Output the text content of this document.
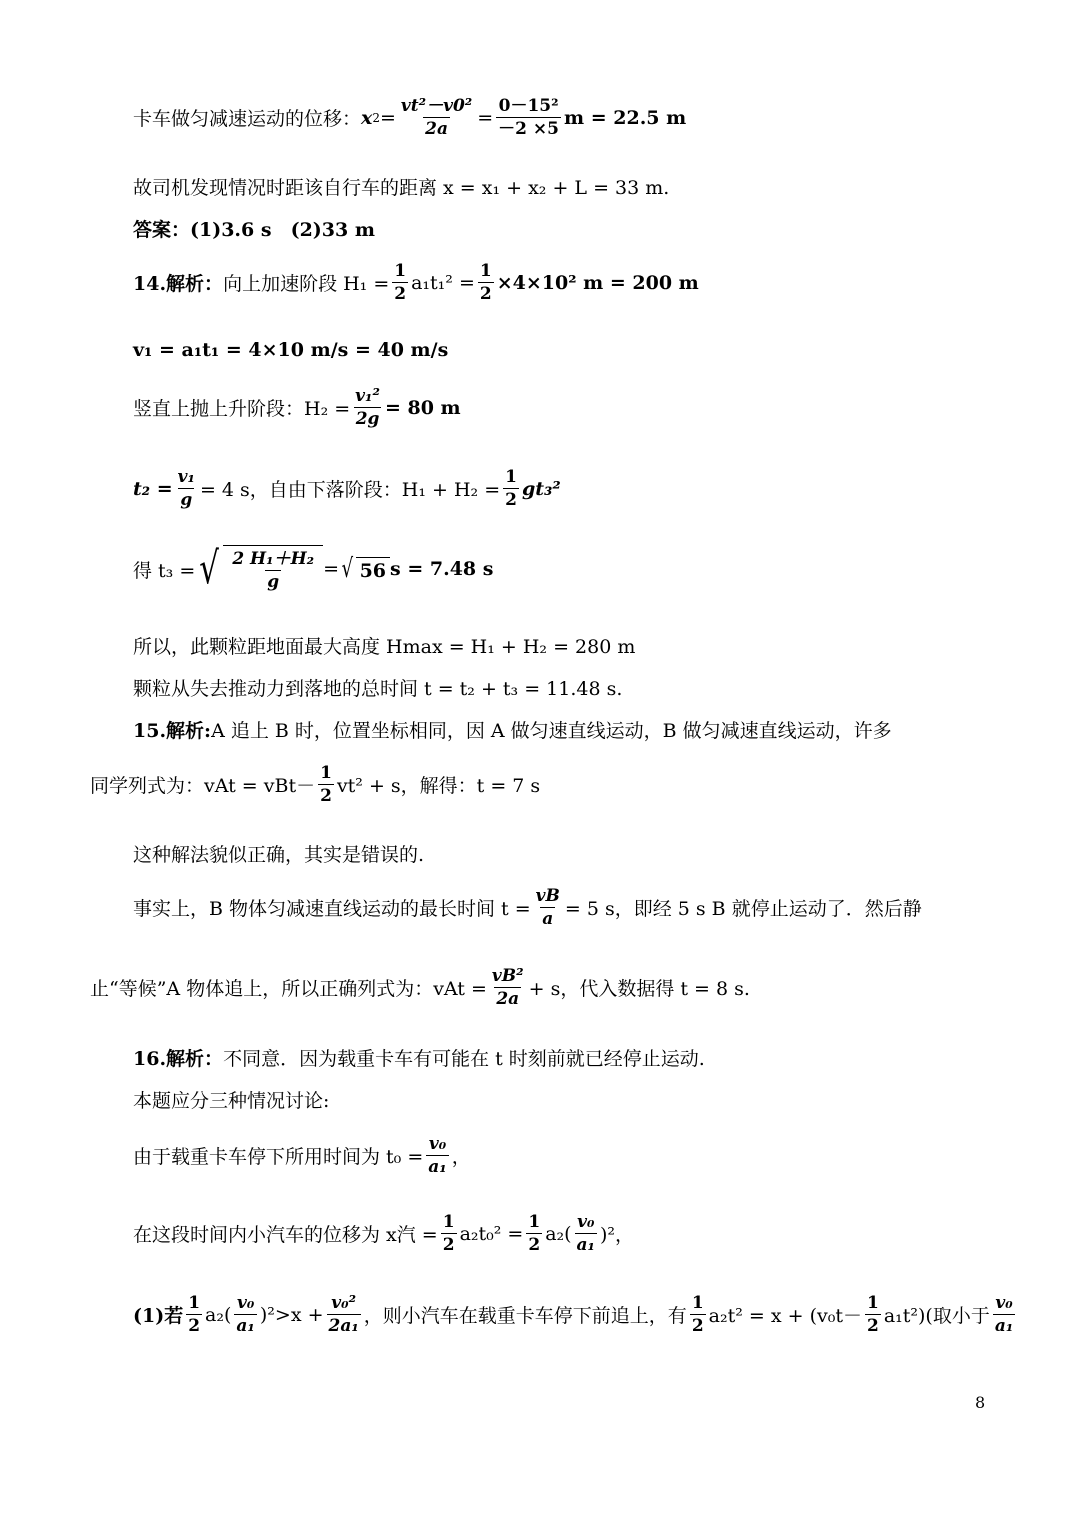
卡车做匀减速运动的位移： x $2 = \frac{\text{vt²－v0²}}{2a} = \frac{\text{0－15²}}{-2 \times 5}$ m = 22.5 m
故司机发现情况时距该自行车的距离 x = x₁ + x₂ + L = 33 m.
答案： (1)3.6 s　(2)33 m
14.解析： 向上加速阶段 $H_1 = \frac{1}{2} a_1t_1^2 = \frac{1}{2} \times 4\times 10^2$ m = 200 m
v₁ = a₁t₁ = 4×10 m/s = 40 m/s
竖直上抛上升阶段：$H_2 = \frac{\text{v₁²}}{2g} = 80$ m
$t_2 = \frac{\text{v₁}}{g} = 4$ s，自由下落阶段：$H_1 + H_2 = \frac{1}{2} gt_3^2$
得 t₃ = √ $\frac{\text{2 H₁＋H₂}}{g}$ = √ 56 s = 7.48 s
所以，此颗粒距地面最大高度 Hmax = H₁ + H₂ = 280 m
颗粒从失去推动力到落地的总时间 t = t₂ + t₃ = 11.48 s.
15.解析: A 追上 B 时，位置坐标相同，因 A 做匀速直线运动，B 做匀减速直线运动，许多
同学列式为：vAt = $vBt- \frac{1}{2} vt^2 + s$，解得：t = 7 s
这种解法貌似正确，其实是错误的.
事实上，B 物体匀减速直线运动的最长时间 $t = \frac{vB}{a} = 5$ s，即经 5 s B 就停止运动了．然后静
止“等候”A 物体追上，所以正确列式为：vAt = $\frac{\text{vB²}}{2a} + s$，代入数据得 t = 8 s.
16.解析： 不同意．因为载重卡车有可能在 t 时刻前就已经停止运动.
本题应分三种情况讨论:
由于载重卡车停下所用时间为 $t_0 = \frac{\text{v₀}}{\text{a₁}}$ ，
在这段时间内小汽车的位移为 x汽 = $\frac{1}{2} a_2t_0^2 = \frac{1}{2} a_2( \frac{\text{v₀}}{\text{a₁}} )^2$，
(1)若 $\frac{1}{2} a_2( \frac{\text{v₀}}{\text{a₁}} )^2>x + \frac{\text{v₀²}}{\text{2a₁}}$ ，则小汽车在载重卡车停下前追上，有 $\frac{1}{2} a_2t^2 = x + (v_0t- \frac{1}{2} a_1t^2)$(取小于 $\frac{\text{v₀}}{\text{a₁}}$
8
